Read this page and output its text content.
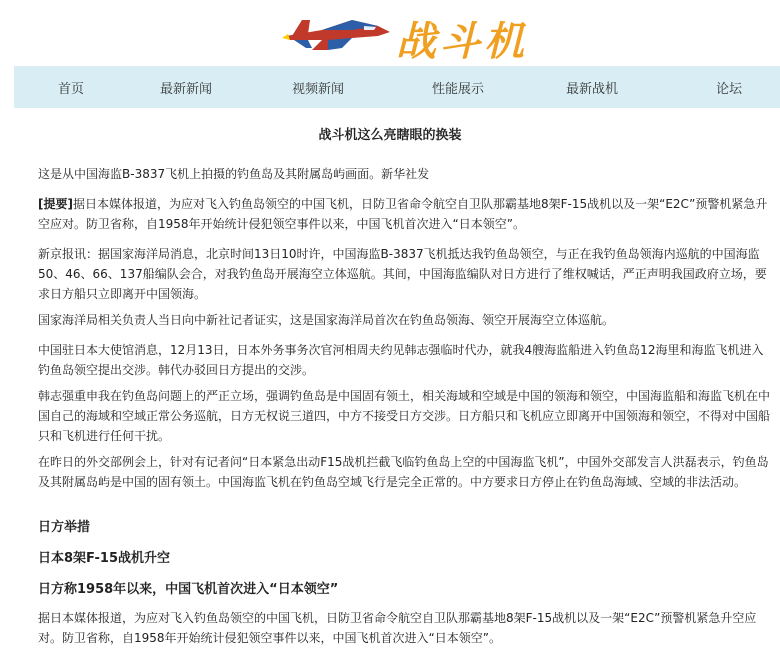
战斗机
首页	最新新闻	视频新闻	性能展示	最新战机	论坛
战斗机这么亮瞎眼的换装

这是从中国海监B-3837飞机上拍摄的钓鱼岛及其附属岛屿画面。新华社发

[提要]据日本媒体报道，为应对飞入钓鱼岛领空的中国飞机，日防卫省命令航空自卫队那霸基地8架F-15战机以及一架“E2C”预警机紧急升空应对。防卫省称，自1958年开始统计侵犯领空事件以来，中国飞机首次进入“日本领空”。

新京报讯：据国家海洋局消息，北京时间13日10时许，中国海监B-3837飞机抵达我钓鱼岛领空，与正在我钓鱼岛领海内巡航的中国海监50、46、66、137船编队会合，对我钓鱼岛开展海空立体巡航。其间，中国海监编队对日方进行了维权喊话，严正声明我国政府立场，要求日方船只立即离开中国领海。

国家海洋局相关负责人当日向中新社记者证实，这是国家海洋局首次在钓鱼岛领海、领空开展海空立体巡航。

中国驻日本大使馆消息，12月13日，日本外务事务次官河相周夫约见韩志强临时代办，就我4艘海监船进入钓鱼岛12海里和海监飞机进入钓鱼岛领空提出交涉。韩代办驳回日方提出的交涉。

韩志强重申我在钓鱼岛问题上的严正立场，强调钓鱼岛是中国固有领土，相关海域和空域是中国的领海和领空，中国海监船和海监飞机在中国自己的海域和空域正常公务巡航，日方无权说三道四，中方不接受日方交涉。日方船只和飞机应立即离开中国领海和领空，不得对中国船只和飞机进行任何干扰。

在昨日的外交部例会上，针对有记者问“日本紧急出动F15战机拦截飞临钓鱼岛上空的中国海监飞机”，中国外交部发言人洪磊表示，钓鱼岛及其附属岛屿是中国的固有领土。中国海监飞机在钓鱼岛空域飞行是完全正常的。中方要求日方停止在钓鱼岛海域、空域的非法活动。

日方举措

日本8架F-15战机升空

日方称1958年以来，中国飞机首次进入“日本领空”

据日本媒体报道，为应对飞入钓鱼岛领空的中国飞机，日防卫省命令航空自卫队那霸基地8架F-15战机以及一架“E2C”预警机紧急升空应对。防卫省称，自1958年开始统计侵犯领空事件以来，中国飞机首次进入“日本领空”。
